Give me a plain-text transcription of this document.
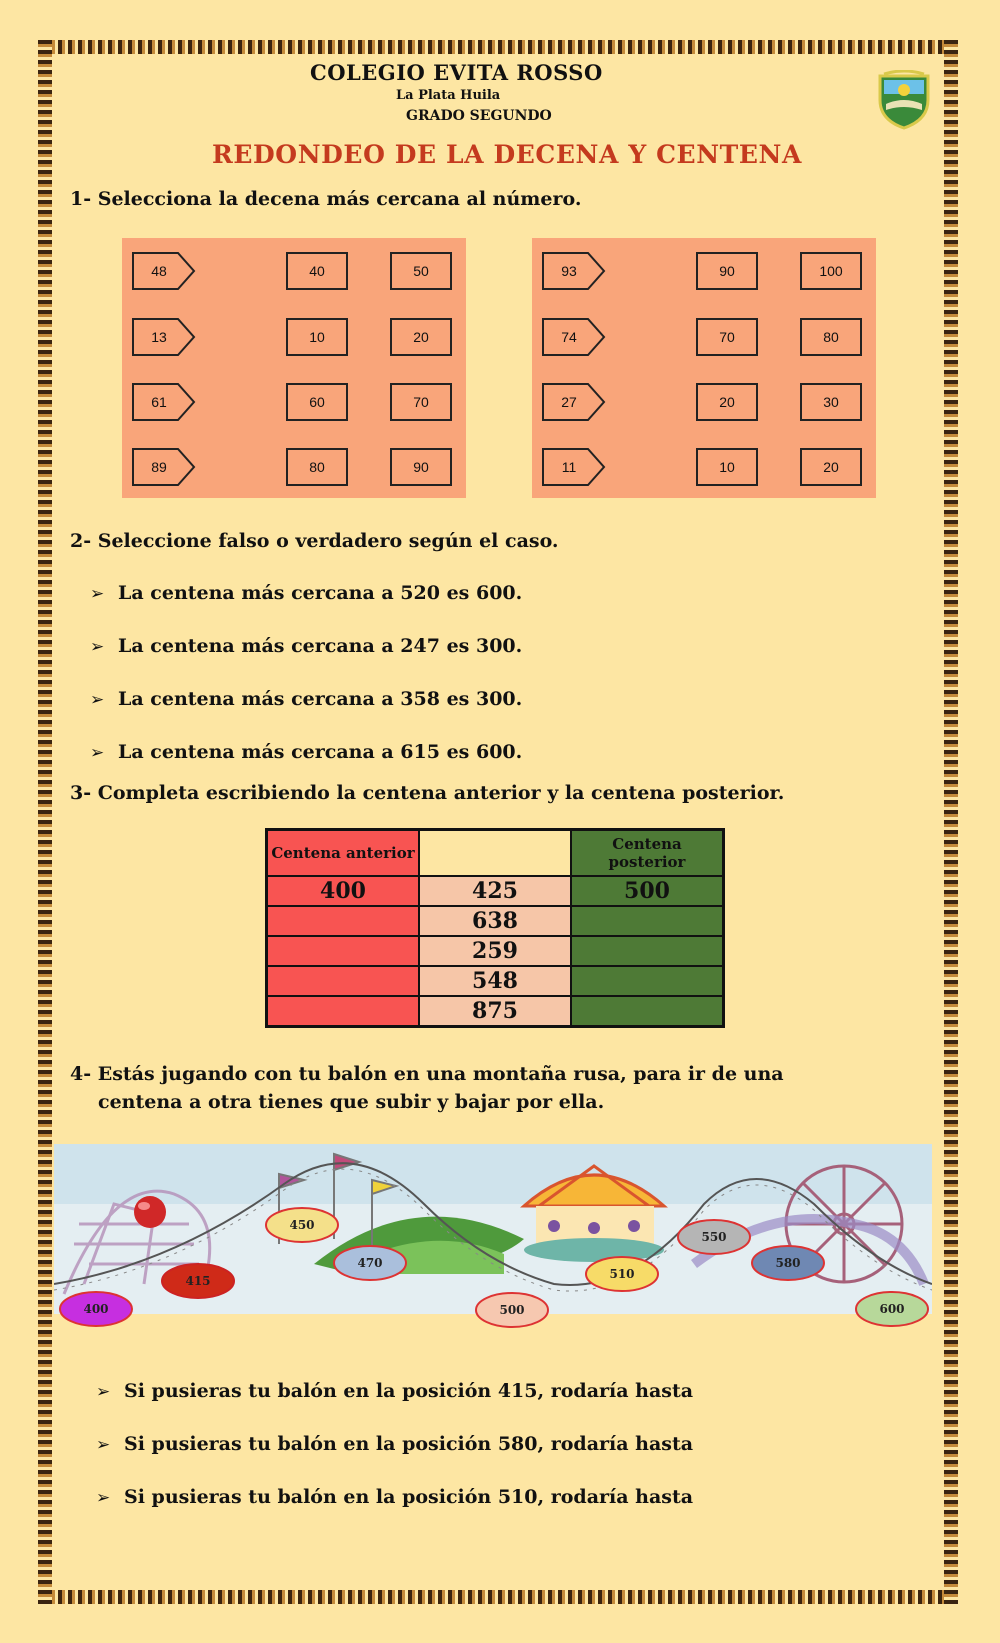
COLEGIO EVITA ROSSO
La Plata Huila
GRADO SEGUNDO
REDONDEO DE LA DECENA Y CENTENA
1- Selecciona la decena más cercana al número.
48	40	50
13	10	20
61	60	70
89	80	90
93	90	100
74	70	80
27	20	30
11	10	20
2- Seleccione falso o verdadero según el caso.
➢ La centena más cercana a 520 es 600.
➢ La centena más cercana a 247 es 300.
➢ La centena más cercana a 358 es 300.
➢ La centena más cercana a 615 es 600.
3- Completa escribiendo la centena anterior y la centena posterior.
Centena anterior		Centena posterior
400	425	500
	638	
	259	
	548	
	875	
4- Estás jugando con tu balón en una montaña rusa, para ir de una
centena a otra tienes que subir y bajar por ella.
400
415
450
470
500
510
550
580
600
➢ Si pusieras tu balón en la posición 415, rodaría hasta
➢ Si pusieras tu balón en la posición 580, rodaría hasta
➢ Si pusieras tu balón en la posición 510, rodaría hasta
